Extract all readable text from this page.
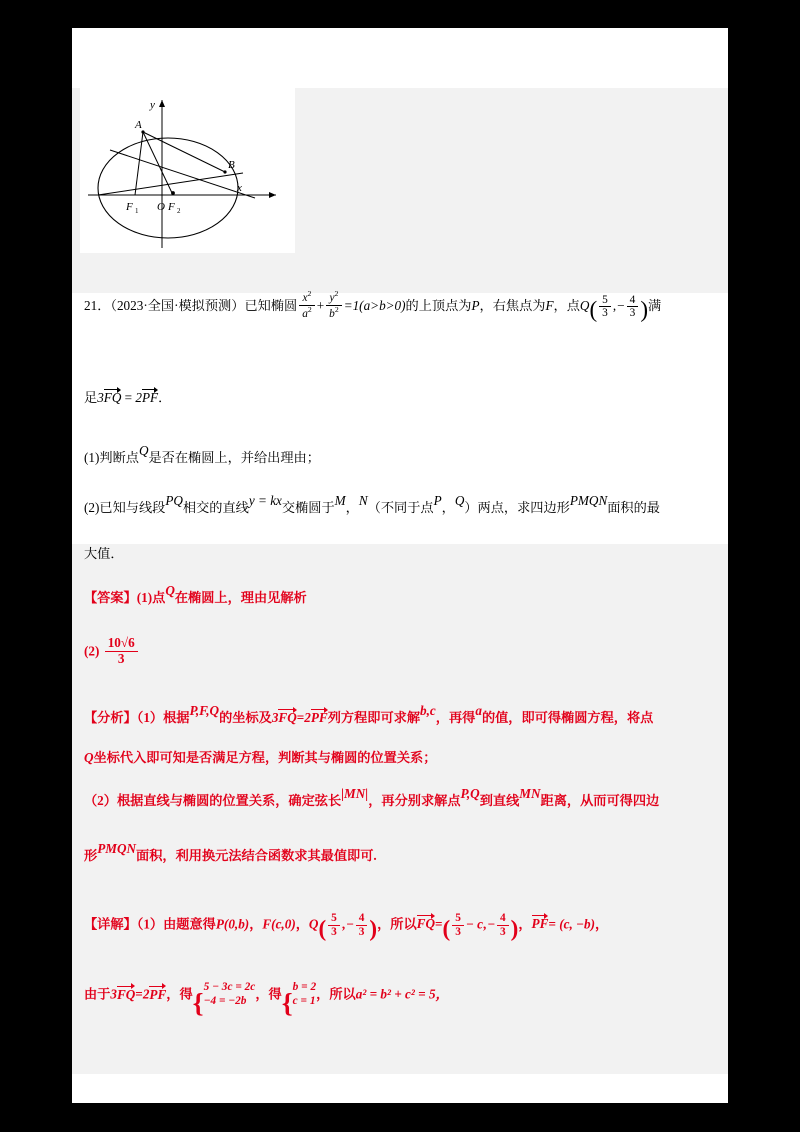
A
B
x
y
O
F 1	F 2
21．（2023·全国·模拟预测）已知椭圆 $\frac{x^2}{a^2} + \frac{y^2}{b^2} =1(a>b>0)$的上顶点为P，右焦点为F，点$Q( \frac{5}{3}$ , − $\frac{4}{3}$ )满
足3
FQ = 2
PF．
(1)判断点Q是否在椭圆上，并给出理由；
(2)已知与线段PQ相交的直线y = kx交椭圆于M，N（不同于点P，Q）两点，求四边形PMQN面积的最
大值．
【答案】(1)点Q在椭圆上，理由见解析
$(2) \frac{10√6}{3}$
【分析】（1）根据P,F,Q的坐标及3
FQ=2
PF列方程即可求解b,c，再得a的值，即可得椭圆方程，将点
Q坐标代入即可知是否满足方程，判断其与椭圆的位置关系；
（2）根据直线与椭圆的位置关系，确定弦长|MN|，再分别求解点P,Q到直线MN距离，从而可得四边
形PMQN面积，利用换元法结合函数求其最值即可.
【详解】（1）由题意得P(0,b)，F(c,0)，$Q( \frac{5}{3}$ , − $\frac{4}{3}$ )，所以
$FQ=( \frac{5}{3} - c$, − $\frac{4}{3}$ )，
PF= (c, −b)，
由于3
FQ=2
PF，得{
5 − 3c = 2c
−4 = −2b ，得{
b = 2
c = 1 ，所以a² = b² + c² = 5，
